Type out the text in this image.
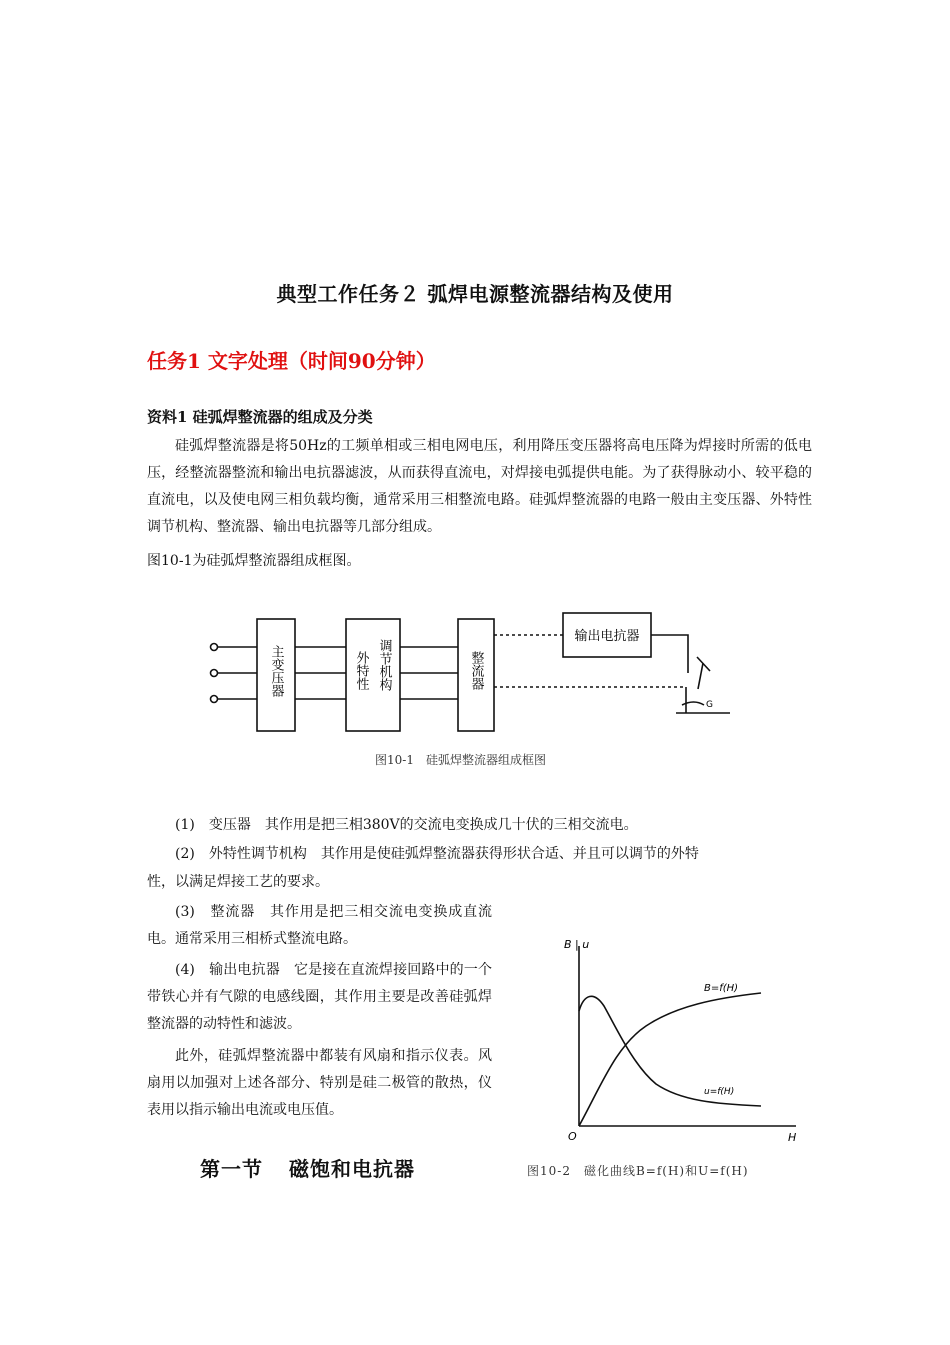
典型工作任务２ 弧焊电源整流器结构及使用
任务1 文字处理（时间90分钟）
资料1 硅弧焊整流器的组成及分类
硅弧焊整流器是将50Hz的工频单相或三相电网电压，利用降压变压器将高电压降为焊接时所需的低电压，经整流器整流和输出电抗器滤波，从而获得直流电，对焊接电弧提供电能。为了获得脉动小、较平稳的直流电，以及使电网三相负载均衡，通常采用三相整流电路。硅弧焊整流器的电路一般由主变压器、外特性调节机构、整流器、输出电抗器等几部分组成。
图10-1为硅弧焊整流器组成框图。
主变压器	外特性 调节机构	整流器
输出电抗器
G
图10-1　硅弧焊整流器组成框图
(1)　变压器　其作用是把三相380V的交流电变换成几十伏的三相交流电。
(2)　外特性调节机构　其作用是使硅弧焊整流器获得形状合适、并且可以调节的外特
性，以满足焊接工艺的要求。
(3)　整流器　其作用是把三相交流电变换成直流电。通常采用三相桥式整流电路。
(4)　输出电抗器　它是接在直流焊接回路中的一个带铁心并有气隙的电感线圈，其作用主要是改善硅弧焊整流器的动特性和滤波。
此外，硅弧焊整流器中都装有风扇和指示仪表。风扇用以加强对上述各部分、特别是硅二极管的散热，仪表用以指示输出电流或电压值。
B | u
O	H
B=f(H)
u=f(H)
图10-2　磁化曲线B=f(H)和U=f(H)
第一节 磁饱和电抗器
